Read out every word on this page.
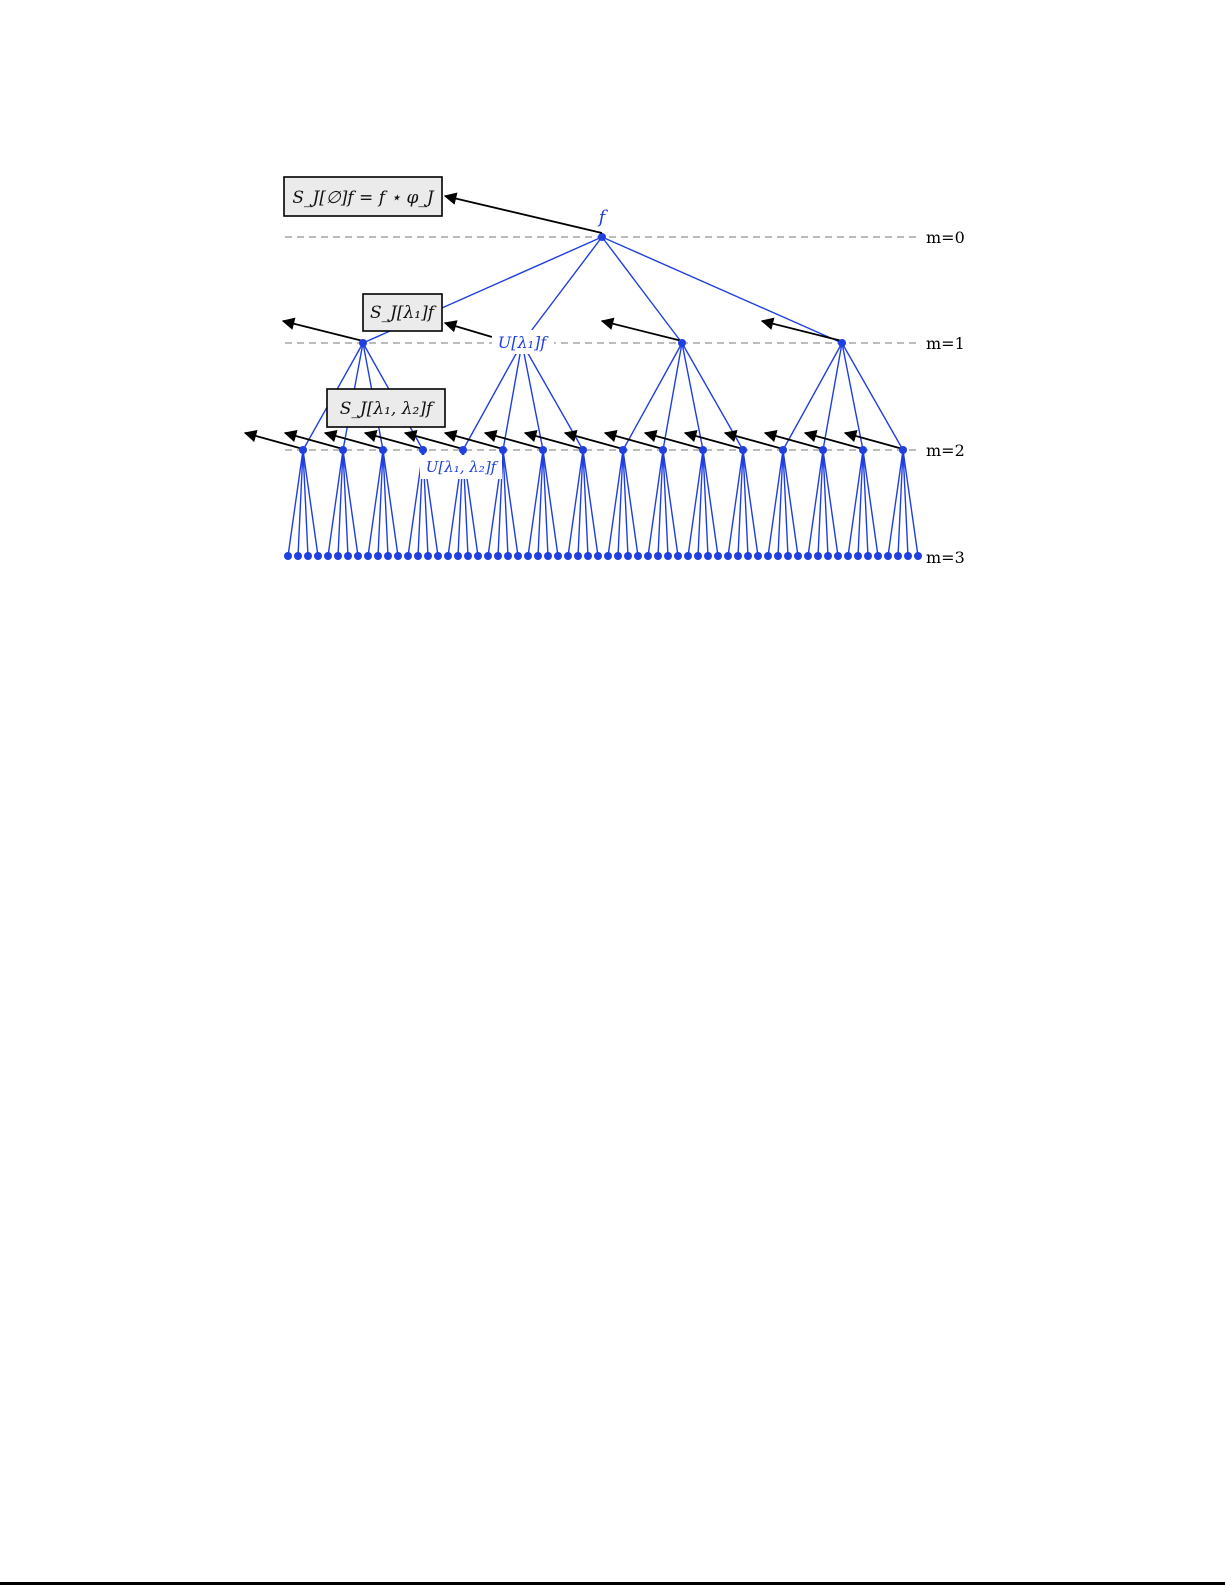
S_J[∅]f = f ⋆ φ_J
S_J[λ₁]f
S_J[λ₁, λ₂]f
f
U[λ₁]f
U[λ₁, λ₂]f
m=0
m=1
m=2
m=3
